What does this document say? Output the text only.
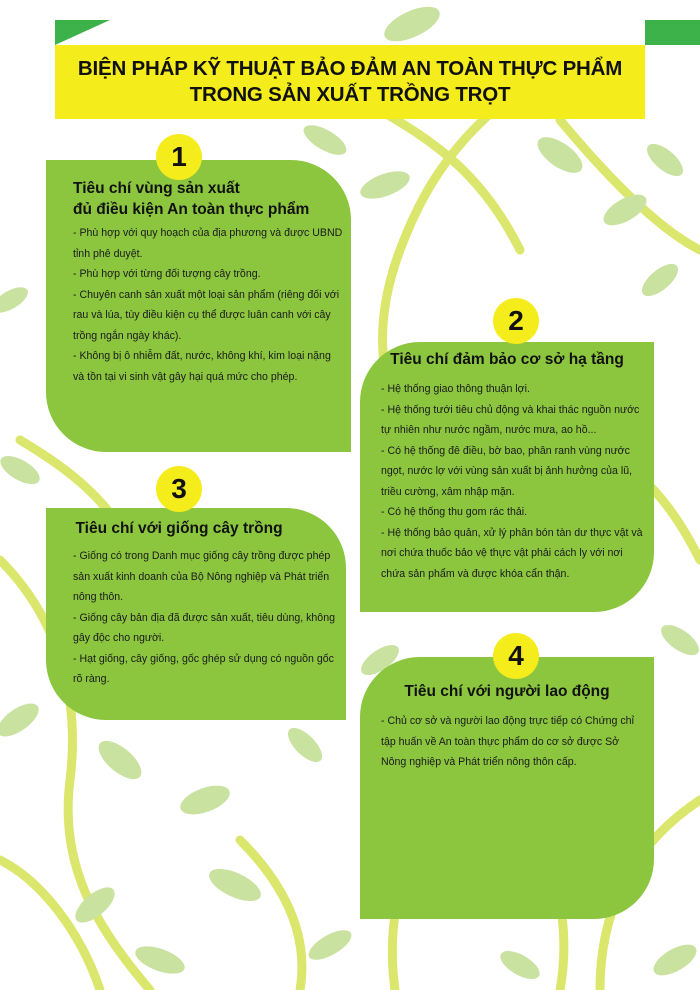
BIỆN PHÁP KỸ THUẬT BẢO ĐẢM AN TOÀN THỰC PHẨM
TRONG SẢN XUẤT TRỒNG TRỌT
Tiêu chí vùng sản xuất
đủ điều kiện An toàn thực phẩm
- Phù hợp với quy hoạch của địa phương và được UBND tỉnh phê duyệt.
- Phù hợp với từng đối tượng cây trồng.
- Chuyên canh sản xuất một loại sản phẩm (riêng đối với rau và lúa, tùy điều kiện cụ thể được luân canh với cây trồng ngắn ngày khác).
- Không bị ô nhiễm đất, nước, không khí, kim loại nặng và tồn tại vi sinh vật gây hại quá mức cho phép.
1
Tiêu chí đảm bảo cơ sở hạ tầng
- Hệ thống giao thông thuận lợi.
- Hệ thống tưới tiêu chủ động và khai thác nguồn nước tự nhiên như nước ngầm, nước mưa, ao hồ...
- Có hệ thống đê điều, bờ bao, phân ranh vùng nước ngọt, nước lợ với vùng sản xuất bị ảnh hưởng của lũ, triều cường, xâm nhập mặn.
- Có hệ thống thu gom rác thải.
- Hệ thống bảo quản, xử lý phân bón tàn dư thực vật và nơi chứa thuốc bảo vệ thực vật phải cách ly với nơi chứa sản phẩm và được khóa cẩn thận.
2
Tiêu chí với giống cây trồng
- Giống có trong Danh mục giống cây trồng được phép sản xuất kinh doanh của Bộ Nông nghiệp và Phát triển nông thôn.
- Giống cây bản địa đã được sản xuất, tiêu dùng, không gây độc cho người.
- Hạt giống, cây giống, gốc ghép sử dụng có nguồn gốc rõ ràng.
3
Tiêu chí với người lao động
- Chủ cơ sở và người lao động trực tiếp có Chứng chỉ tập huấn về An toàn thực phẩm do cơ sở được Sở Nông nghiệp và Phát triển nông thôn cấp.
4
